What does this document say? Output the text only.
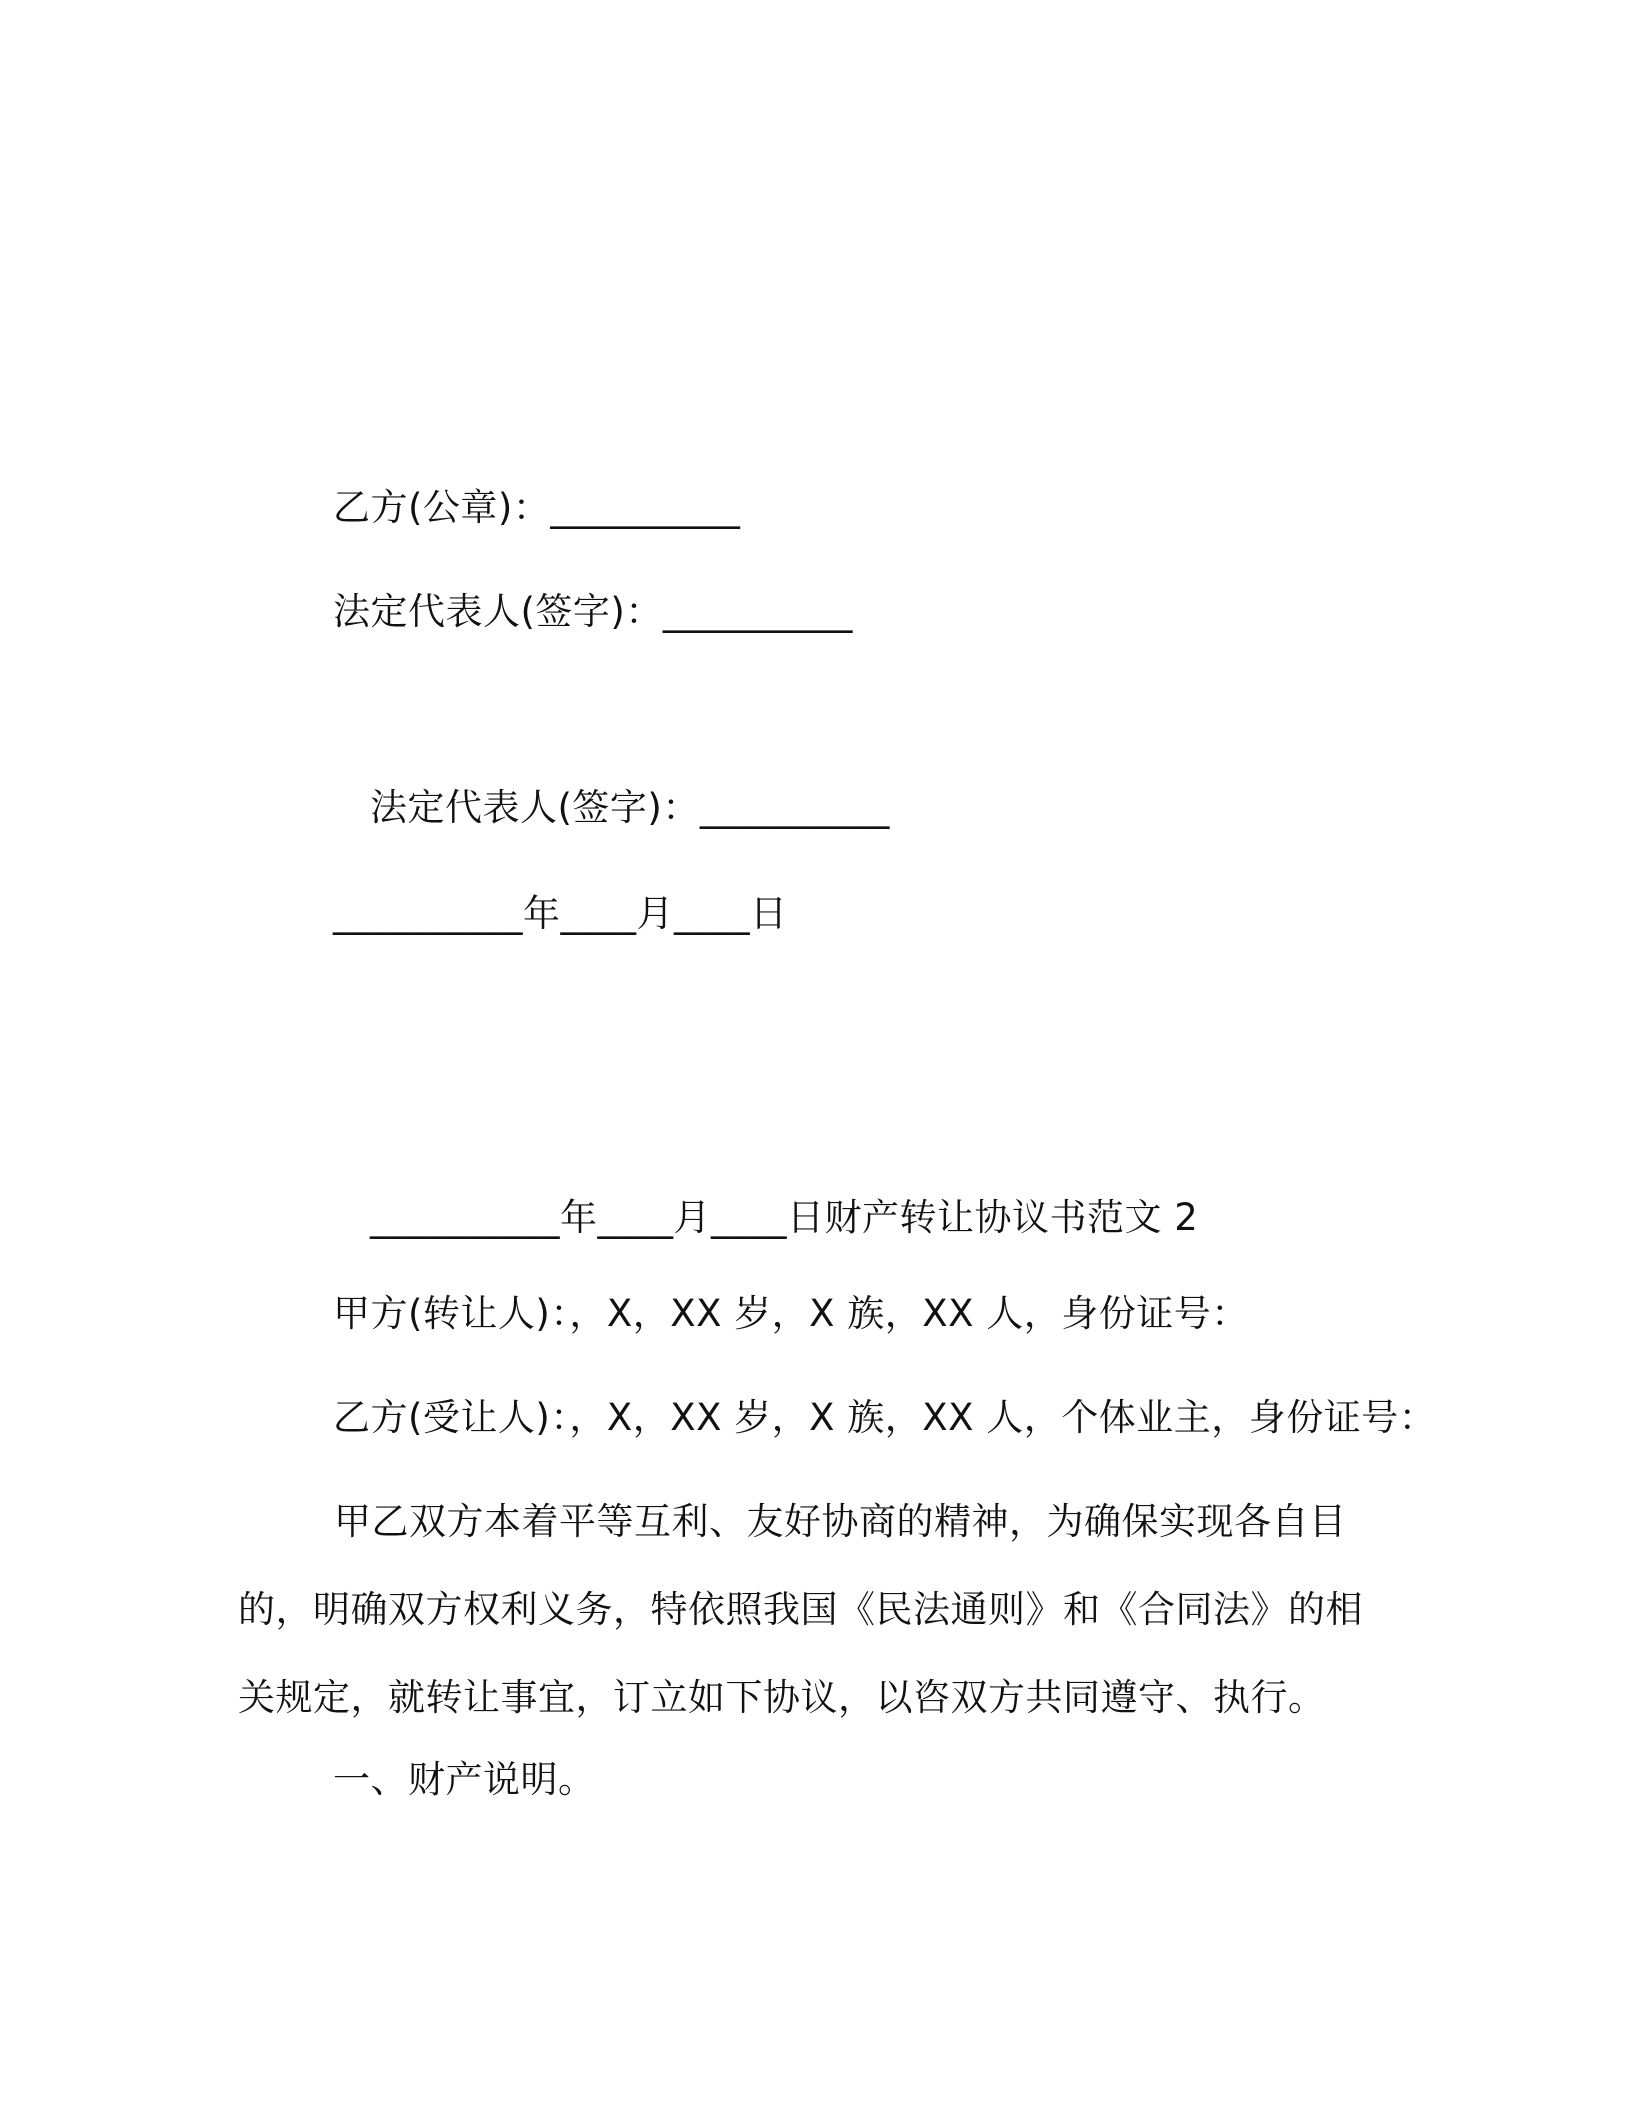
乙方(公章)：__________
法定代表人(签字)：__________
法定代表人(签字)：__________
__________年____月____日
__________年____月____日财产转让协议书范文 2
甲方(转让人)：，X，XX 岁，X 族，XX 人，身份证号：
乙方(受让人)：，X，XX 岁，X 族，XX 人，个体业主，身份证号：

甲乙双方本着平等互利、友好协商的精神，为确保实现各自目的，明确双方权利义务，特依照我国《民法通则》和《合同法》的相关规定，就转让事宜，订立如下协议，以咨双方共同遵守、执行。

一、财产说明。
